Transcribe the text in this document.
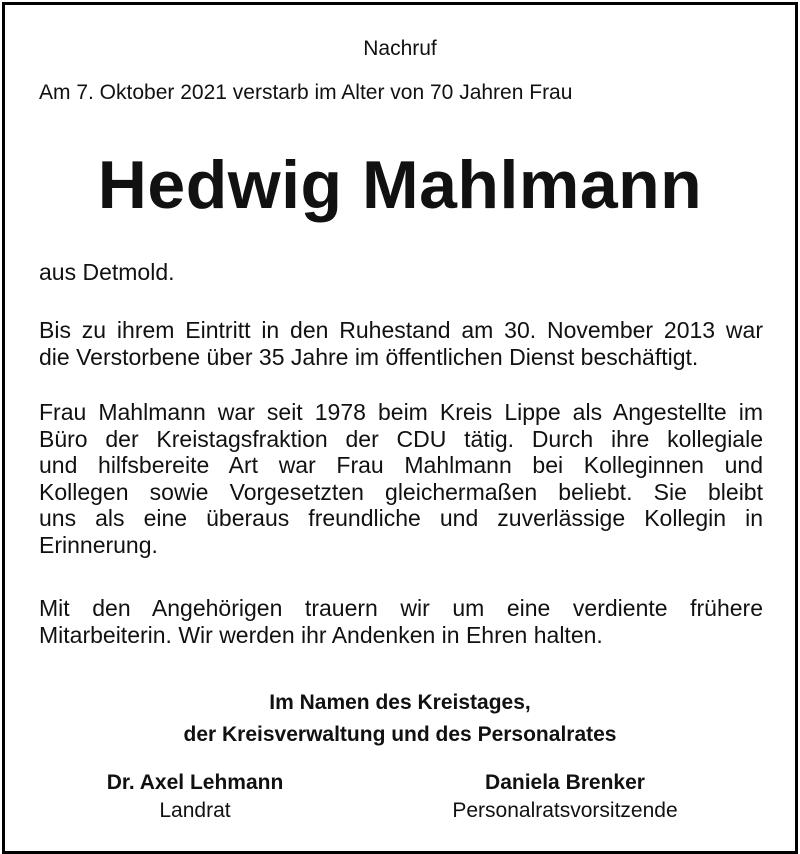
Nachruf
Am 7. Oktober 2021 verstarb im Alter von 70 Jahren Frau
Hedwig Mahlmann
aus Detmold.
Bis zu ihrem Eintritt in den Ruhestand am 30. November 2013 war
die Verstorbene über 35 Jahre im öffentlichen Dienst beschäftigt.
Frau Mahlmann war seit 1978 beim Kreis Lippe als Angestellte im
Büro der Kreistagsfraktion der CDU tätig. Durch ihre kollegiale
und hilfsbereite Art war Frau Mahlmann bei Kolleginnen und
Kollegen sowie Vorgesetzten gleichermaßen beliebt. Sie bleibt
uns als eine überaus freundliche und zuverlässige Kollegin in
Erinnerung.
Mit den Angehörigen trauern wir um eine verdiente frühere
Mitarbeiterin. Wir werden ihr Andenken in Ehren halten.
Im Namen des Kreistages,
der Kreisverwaltung und des Personalrates
Dr. Axel Lehmann
Landrat
Daniela Brenker
Personalratsvorsitzende
